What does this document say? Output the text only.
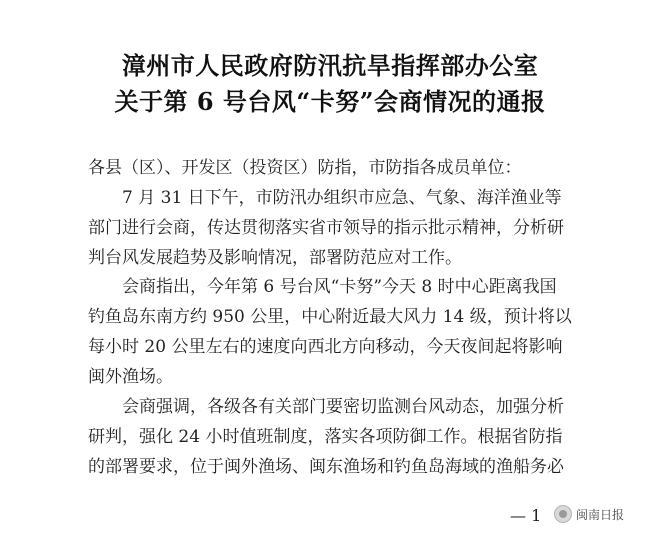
漳州市人民政府防汛抗旱指挥部办公室
关于第 6 号台风“卡努”会商情况的通报
各县（区）、开发区（投资区）防指，市防指各成员单位：
7 月 31 日下午，市防汛办组织市应急、气象、海洋渔业等
部门进行会商，传达贯彻落实省市领导的指示批示精神，分析研
判台风发展趋势及影响情况，部署防范应对工作。
会商指出，今年第 6 号台风“卡努”今天 8 时中心距离我国
钓鱼岛东南方约 950 公里，中心附近最大风力 14 级，预计将以
每小时 20 公里左右的速度向西北方向移动，今天夜间起将影响
闽外渔场。
会商强调，各级各有关部门要密切监测台风动态，加强分析
研判，强化 24 小时值班制度，落实各项防御工作。根据省防指
的部署要求，位于闽外渔场、闽东渔场和钓鱼岛海域的渔船务必
— 1	闽南日报
